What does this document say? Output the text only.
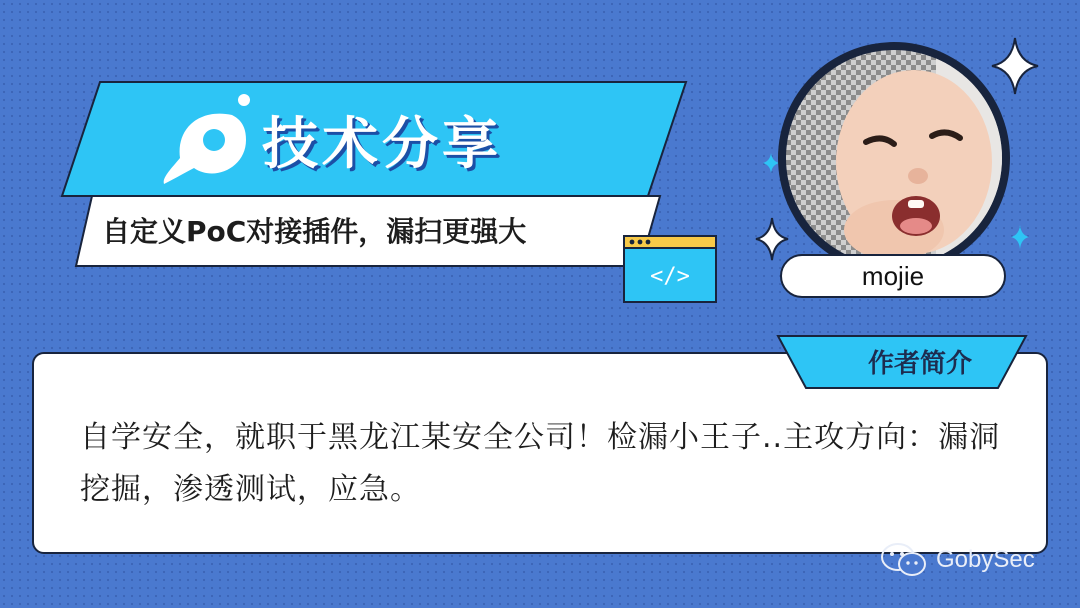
技术分享
自定义PoC对接插件，漏扫更强大
</>	mojie
自学安全，就职于黑龙江某安全公司！检漏小王子..主攻方向：漏洞挖掘，渗透测试，应急。
作者简介
GobySec
